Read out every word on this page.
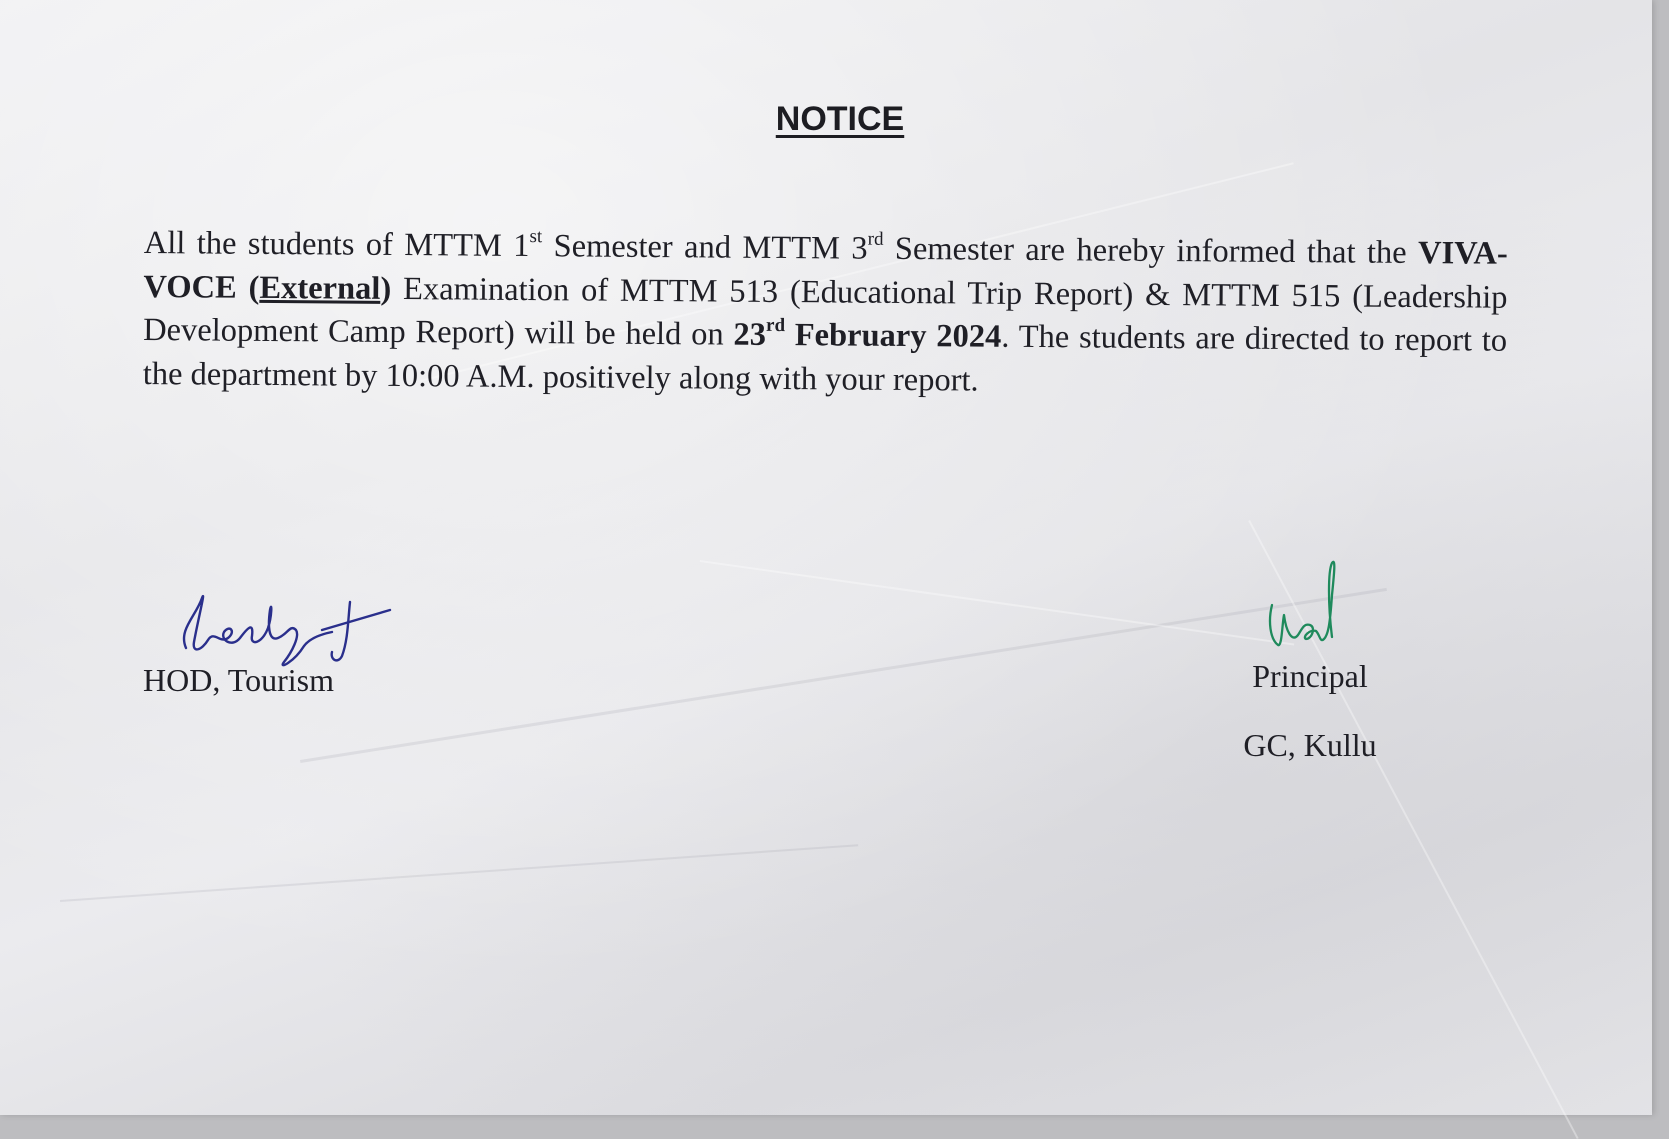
NOTICE
All the students of MTTM 1st Semester and MTTM 3rd Semester are hereby informed that the VIVA-VOCE (External) Examination of MTTM 513 (Educational Trip Report) & MTTM 515 (Leadership Development Camp Report) will be held on 23rd February 2024. The students are directed to report to the department by 10:00 A.M. positively along with your report.
HOD, Tourism	Principal
GC, Kullu
